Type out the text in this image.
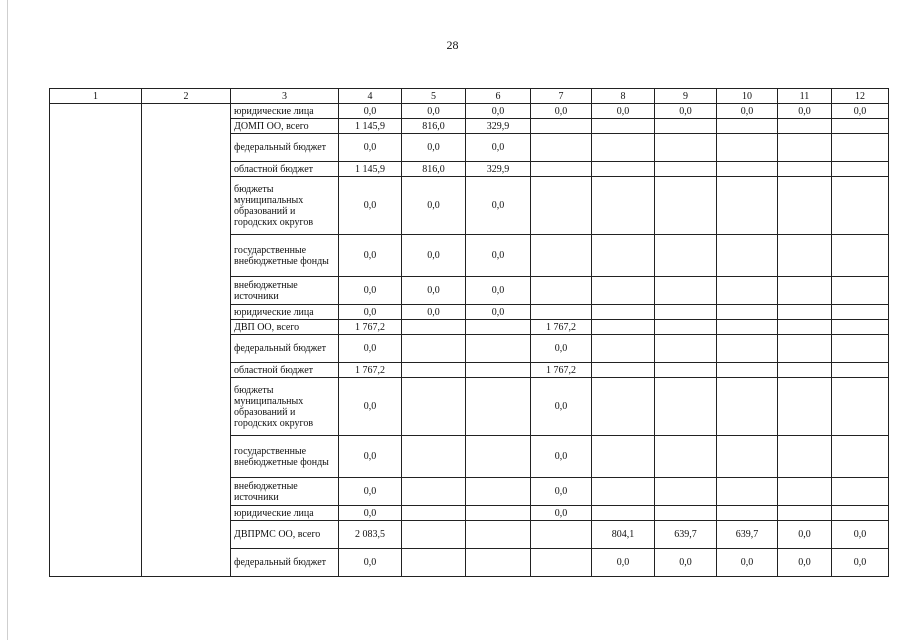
28
1	2	3	4	5	6	7	8	9	10	11	12
		юридические лица	0,0	0,0	0,0	0,0	0,0	0,0	0,0	0,0	0,0
		ДОМП ОО, всего	1 145,9	816,0	329,9						
		федеральный бюджет	0,0	0,0	0,0						
		областной бюджет	1 145,9	816,0	329,9						
		бюджеты муниципальных образований и городских округов	0,0	0,0	0,0						
		государственные внебюджетные фонды	0,0	0,0	0,0						
		внебюджетные источники	0,0	0,0	0,0						
		юридические лица	0,0	0,0	0,0						
		ДВП ОО, всего	1 767,2			1 767,2					
		федеральный бюджет	0,0			0,0					
		областной бюджет	1 767,2			1 767,2					
		бюджеты муниципальных образований и городских округов	0,0			0,0					
		государственные внебюджетные фонды	0,0			0,0					
		внебюджетные источники	0,0			0,0					
		юридические лица	0,0			0,0					
		ДВПРМС ОО, всего	2 083,5				804,1	639,7	639,7	0,0	0,0
		федеральный бюджет	0,0				0,0	0,0	0,0	0,0	0,0
